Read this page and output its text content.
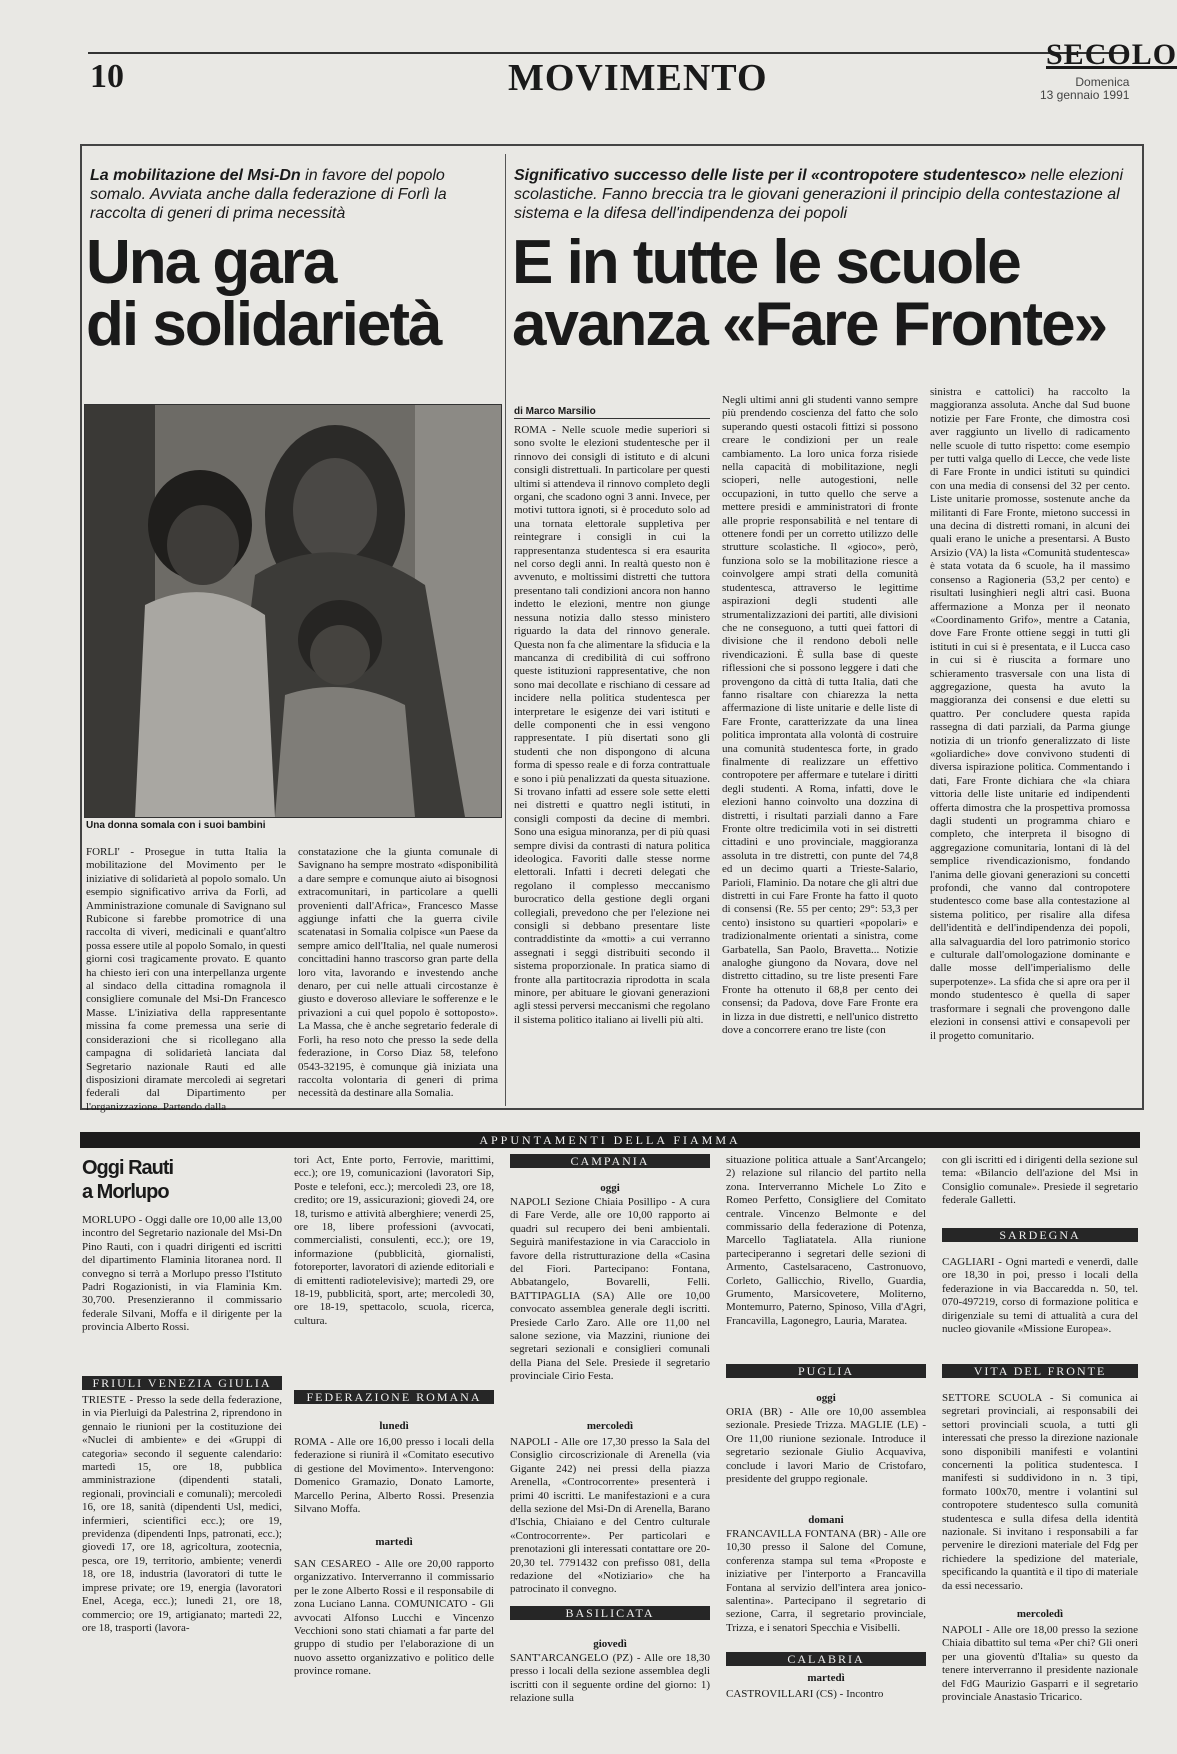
10	MOVIMENTO
SECOLO
Domenica
13 gennaio 1991
La mobilitazione del Msi-Dn in favore del popolo somalo. Avviata anche dalla federazione di Forlì la raccolta di generi di prima necessità
Una gara
di solidarietà
Una donna somala con i suoi bambini
FORLI' - Prosegue in tutta Italia la mobilitazione del Movimento per le iniziative di solidarietà al popolo somalo. Un esempio significativo arriva da Forlì, ad Amministrazione comunale di Savignano sul Rubicone si farebbe promotrice di una raccolta di viveri, medicinali e quant'altro possa essere utile al popolo Somalo, in questi giorni così tragicamente provato. E quanto ha chiesto ieri con una interpellanza urgente al sindaco della cittadina romagnola il consigliere comunale del Msi-Dn Francesco Masse. L'iniziativa della rappresentante missina fa come premessa una serie di considerazioni che si ricollegano alla campagna di solidarietà lanciata dal Segretario nazionale Rauti ed alle disposizioni diramate mercoledì ai segretari federali dal Dipartimento per l'organizzazione. Partendo dalla
constatazione che la giunta comunale di Savignano ha sempre mostrato «disponibilità a dare sempre e comunque aiuto ai bisognosi extracomunitari, in particolare a quelli provenienti dall'Africa», Francesco Masse aggiunge infatti che la guerra civile scatenatasi in Somalia colpisce «un Paese da sempre amico dell'Italia, nel quale numerosi concittadini hanno trascorso gran parte della loro vita, lavorando e investendo anche denaro, per cui nelle attuali circostanze è giusto e doveroso alleviare le sofferenze e le privazioni a cui quel popolo è sottoposto». La Massa, che è anche segretario federale di Forlì, ha reso noto che presso la sede della federazione, in Corso Diaz 58, telefono 0543-32195, è comunque già iniziata una raccolta volontaria di generi di prima necessità da destinare alla Somalia.
Significativo successo delle liste per il «contropotere studentesco» nelle elezioni scolastiche. Fanno breccia tra le giovani generazioni il principio della contestazione al sistema e la difesa dell'indipendenza dei popoli
E in tutte le scuole
avanza «Fare Fronte»
di Marco Marsilio
ROMA - Nelle scuole medie superiori si sono svolte le elezioni studentesche per il rinnovo dei consigli di istituto e di alcuni consigli distrettuali. In particolare per questi ultimi si attendeva il rinnovo completo degli organi, che scadono ogni 3 anni. Invece, per motivi tuttora ignoti, si è proceduto solo ad una tornata elettorale suppletiva per reintegrare i consigli in cui la rappresentanza studentesca si era esaurita nel corso degli anni. In realtà questo non è avvenuto, e moltissimi distretti che tuttora presentano tali condizioni ancora non hanno indetto le elezioni, mentre non giunge nessuna notizia dallo stesso ministero riguardo la data del rinnovo generale. Questa non fa che alimentare la sfiducia e la mancanza di credibilità di cui soffrono queste istituzioni rappresentative, che non sono mai decollate e rischiano di cessare ad incidere nella politica studentesca per interpretare le esigenze dei vari istituti e delle componenti che in essi vengono rappresentate. I più disertati sono gli studenti che non dispongono di alcuna forma di spesso reale e di forza contrattuale e sono i più penalizzati da questa situazione. Si trovano infatti ad essere sole sette eletti nei distretti e quattro negli istituti, in consigli composti da decine di membri. Sono una esigua minoranza, per di più quasi sempre divisi da contrasti di natura politica ideologica. Favoriti dalle stesse norme elettorali. Infatti i decreti delegati che regolano il complesso meccanismo burocratico della gestione degli organi collegiali, prevedono che per l'elezione nei consigli si debbano presentare liste contraddistinte da «motti» a cui verranno assegnati i seggi distribuiti secondo il sistema proporzionale. In pratica siamo di fronte alla partitocrazia riprodotta in scala minore, per abituare le giovani generazioni agli stessi perversi meccanismi che regolano il sistema politico italiano ai livelli più alti.
Negli ultimi anni gli studenti vanno sempre più prendendo coscienza del fatto che solo superando questi ostacoli fittizi si possono creare le condizioni per un reale cambiamento. La loro unica forza risiede nella capacità di mobilitazione, negli scioperi, nelle autogestioni, nelle occupazioni, in tutto quello che serve a mettere presidi e amministratori di fronte alle proprie responsabilità e nel tentare di ottenere fondi per un corretto utilizzo delle strutture scolastiche. Il «gioco», però, funziona solo se la mobilitazione riesce a coinvolgere ampi strati della comunità studentesca, attraverso le legittime aspirazioni degli studenti alle strumentalizzazioni dei partiti, alle divisioni che ne conseguono, a tutti quei fattori di divisione che il rendono deboli nelle rivendicazioni. È sulla base di queste riflessioni che si possono leggere i dati che provengono da città di tutta Italia, dati che fanno risaltare con chiarezza la netta affermazione di liste unitarie e delle liste di Fare Fronte, caratterizzate da una linea politica improntata alla volontà di costruire una comunità studentesca forte, in grado finalmente di realizzare un effettivo contropotere per affermare e tutelare i diritti degli studenti. A Roma, infatti, dove le elezioni hanno coinvolto una dozzina di distretti, i risultati parziali danno a Fare Fronte oltre tredicimila voti in sei distretti cittadini e uno provinciale, maggioranza assoluta in tre distretti, con punte del 74,8 ed un decimo quarti a Trieste-Salario, Parioli, Flaminio. Da notare che gli altri due distretti in cui Fare Fronte ha fatto il quoto di consensi (Re. 55 per cento; 29°: 53,3 per cento) insistono su quartieri «popolari» e tradizionalmente orientati a sinistra, come Garbatella, San Paolo, Bravetta... Notizie analoghe giungono da Novara, dove nel distretto cittadino, su tre liste presenti Fare Fronte ha ottenuto il 68,8 per cento dei consensi; da Padova, dove Fare Fronte era in lizza in due distretti, e nell'unico distretto dove a concorrere erano tre liste (con
sinistra e cattolici) ha raccolto la maggioranza assoluta. Anche dal Sud buone notizie per Fare Fronte, che dimostra così aver raggiunto un livello di radicamento nelle scuole di tutto rispetto: come esempio per tutti valga quello di Lecce, che vede liste di Fare Fronte in undici istituti su quindici con una media di consensi del 32 per cento. Liste unitarie promosse, sostenute anche da militanti di Fare Fronte, mietono successi in una decina di distretti romani, in alcuni dei quali erano le uniche a presentarsi. A Busto Arsizio (VA) la lista «Comunità studentesca» è stata votata da 6 scuole, ha il massimo consenso a Ragioneria (53,2 per cento) e risultati lusinghieri negli altri casi. Buona affermazione a Monza per il neonato «Coordinamento Grìfo», mentre a Catania, dove Fare Fronte ottiene seggi in tutti gli istituti in cui si è presentata, e il Lucca caso in cui si è riuscita a formare uno schieramento trasversale con una lista di aggregazione, questa ha avuto la maggioranza dei consensi e due eletti su quattro. Per concludere questa rapida rassegna di dati parziali, da Parma giunge notizia di un trionfo generalizzato di liste «goliardiche» dove convivono studenti di diversa ispirazione politica. Commentando i dati, Fare Fronte dichiara che «la chiara vittoria delle liste unitarie ed indipendenti offerta dimostra che la prospettiva promossa dagli studenti un programma chiaro e completo, che interpreta il bisogno di aggregazione comunitaria, lontani di là del semplice rivendicazionismo, fondando l'anima delle giovani generazioni su concetti profondi, che vanno dal contropotere studentesco come base alla contestazione al sistema politico, per risalire alla difesa dell'identità e dell'indipendenza dei popoli, alla salvaguardia del loro patrimonio storico e culturale dall'omologazione dominante e dalle mosse dell'imperialismo delle superpotenze». La sfida che si apre ora per il mondo studentesco è quella di saper trasformare i segnali che provengono dalle elezioni in consensi attivi e consapevoli per il progetto comunitario.
APPUNTAMENTI DELLA FIAMMA
Oggi Rauti
a Morlupo
MORLUPO - Oggi dalle ore 10,00 alle 13,00 incontro del Segretario nazionale del Msi-Dn Pino Rauti, con i quadri dirigenti ed iscritti del dipartimento Flaminia litoranea nord. Il convegno si terrà a Morlupo presso l'Istituto Padri Rogazionisti, in via Flaminia Km. 30,700. Presenzieranno il commissario federale Silvani, Moffa e il dirigente per la provincia Alberto Rossi.
FRIULI VENEZIA GIULIA
TRIESTE - Presso la sede della federazione, in via Pierluigi da Palestrina 2, riprendono in gennaio le riunioni per la costituzione dei «Nuclei di ambiente» e dei «Gruppi di categoria» secondo il seguente calendario: martedì 15, ore 18, pubblica amministrazione (dipendenti statali, regionali, provinciali e comunali); mercoledì 16, ore 18, sanità (dipendenti Usl, medici, infermieri, scientifici ecc.); ore 19, previdenza (dipendenti Inps, patronati, ecc.); giovedì 17, ore 18, agricoltura, zootecnia, pesca, ore 19, territorio, ambiente; venerdì 18, ore 18, industria (lavoratori di tutte le imprese private; ore 19, energia (lavoratori Enel, Acega, ecc.); lunedì 21, ore 18, commercio; ore 19, artigianato; martedì 22, ore 18, trasporti (lavora-
tori Act, Ente porto, Ferrovie, marittimi, ecc.); ore 19, comunicazioni (lavoratori Sip, Poste e telefoni, ecc.); mercoledì 23, ore 18, credito; ore 19, assicurazioni; giovedì 24, ore 18, turismo e attività alberghiere; venerdì 25, ore 18, libere professioni (avvocati, commercialisti, consulenti, ecc.); ore 19, informazione (pubblicità, giornalisti, fotoreporter, lavoratori di aziende editoriali e di emittenti radiotelevisive); martedì 29, ore 18-19, pubblicità, sport, arte; mercoledì 30, ore 18-19, spettacolo, scuola, ricerca, cultura.
FEDERAZIONE ROMANA
lunedì
ROMA - Alle ore 16,00 presso i locali della federazione si riunirà il «Comitato esecutivo di gestione del Movimento». Intervengono: Domenico Gramazio, Donato Lamorte, Marcello Perina, Alberto Rossi. Presenzia Silvano Moffa.
martedì
SAN CESAREO - Alle ore 20,00 rapporto organizzativo. Interverranno il commissario per le zone Alberto Rossi e il responsabile di zona Luciano Lanna. COMUNICATO - Gli avvocati Alfonso Lucchi e Vincenzo Vecchioni sono stati chiamati a far parte del gruppo di studio per l'elaborazione di un nuovo assetto organizzativo e politico delle province romane.
CAMPANIA
oggi
NAPOLI Sezione Chiaia Posillipo - A cura di Fare Verde, alle ore 10,00 rapporto ai quadri sul recupero dei beni ambientali. Seguirà manifestazione in via Caracciolo in favore della ristrutturazione della «Casina del Fiori. Partecipano: Fontana, Abbatangelo, Bovarelli, Felli. BATTIPAGLIA (SA) Alle ore 10,00 convocato assemblea generale degli iscritti. Presiede Carlo Zaro. Alle ore 11,00 nel salone sezione, via Mazzini, riunione dei segretari sezionali e consiglieri comunali della Piana del Sele. Presiede il segretario provinciale Cirio Festa.
mercoledì
NAPOLI - Alle ore 17,30 presso la Sala del Consiglio circoscrizionale di Arenella (via Gigante 242) nei pressi della piazza Arenella, «Controcorrente» presenterà i primi 40 iscritti. Le manifestazioni e a cura della sezione del Msi-Dn di Arenella, Barano d'Ischia, Chiaiano e del Centro culturale «Controcorrente». Per particolari e prenotazioni gli interessati contattare ore 20-20,30 tel. 7791432 con prefisso 081, della redazione del «Notiziario» che ha patrocinato il convegno.
BASILICATA
giovedì
SANT'ARCANGELO (PZ) - Alle ore 18,30 presso i locali della sezione assemblea degli iscritti con il seguente ordine del giorno: 1) relazione sulla
situazione politica attuale a Sant'Arcangelo; 2) relazione sul rilancio del partito nella zona. Interverranno Michele Lo Zito e Romeo Perfetto, Consigliere del Comitato centrale. Vincenzo Belmonte e del commissario della federazione di Potenza, Marcello Tagliatatela. Alla riunione parteciperanno i segretari delle sezioni di Armento, Castelsaraceno, Castronuovo, Corleto, Gallicchio, Rivello, Guardia, Grumento, Marsicovetere, Moliterno, Montemurro, Paterno, Spinoso, Villa d'Agri, Francavilla, Lagonegro, Lauria, Maratea.
PUGLIA
oggi
ORIA (BR) - Alle ore 10,00 assemblea sezionale. Presiede Trizza. MAGLIE (LE) - Ore 11,00 riunione sezionale. Introduce il segretario sezionale Giulio Acquaviva, conclude i lavori Mario de Cristofaro, presidente del gruppo regionale.
domani
FRANCAVILLA FONTANA (BR) - Alle ore 10,30 presso il Salone del Comune, conferenza stampa sul tema «Proposte e iniziative per l'interporto a Francavilla Fontana al servizio dell'intera area jonico-salentina». Partecipano il segretario di sezione, Carra, il segretario provinciale, Trizza, e i senatori Specchia e Visibelli.
CALABRIA
martedì
CASTROVILLARI (CS) - Incontro
con gli iscritti ed i dirigenti della sezione sul tema: «Bilancio dell'azione del Msi in Consiglio comunale». Presiede il segretario federale Galletti.
SARDEGNA
CAGLIARI - Ogni martedì e venerdì, dalle ore 18,30 in poi, presso i locali della federazione in via Baccaredda n. 50, tel. 070-497219, corso di formazione politica e dirigenziale su temi di attualità a cura del nucleo giovanile «Missione Europea».
VITA DEL FRONTE
SETTORE SCUOLA - Si comunica ai segretari provinciali, ai responsabili dei settori provinciali scuola, a tutti gli interessati che presso la direzione nazionale sono disponibili manifesti e volantini concernenti la politica studentesca. I manifesti si suddividono in n. 3 tipi, formato 100x70, mentre i volantini sul contropotere studentesco sulla comunità studentesca e sulla difesa della identità nazionale. Si invitano i responsabili a far pervenire le direzioni materiale del Fdg per richiedere la spedizione del materiale, specificando la quantità e il tipo di materiale da essi necessario.
mercoledì
NAPOLI - Alle ore 18,00 presso la sezione Chiaia dibattito sul tema «Per chi? Gli oneri per una gioventù d'Italia» su questo da tenere interverranno il presidente nazionale del FdG Maurizio Gasparri e il segretario provinciale Anastasio Tricarico.
